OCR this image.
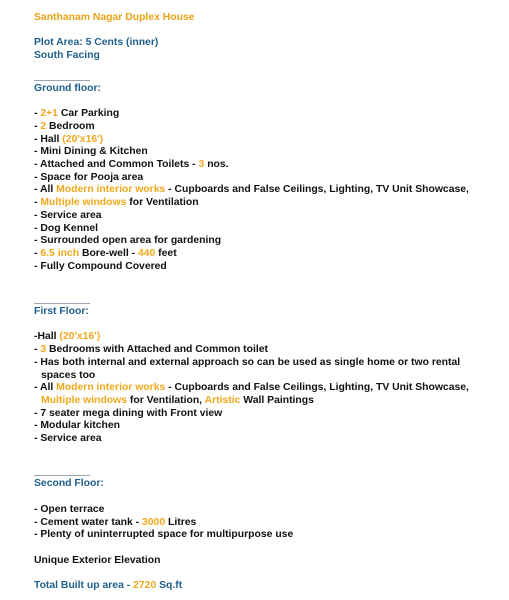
Santhanam Nagar Duplex House
Plot Area: 5 Cents (inner)
South Facing
Ground floor:
- 2+1 Car Parking
- 2 Bedroom
- Hall (20'x16')
- Mini Dining & Kitchen
- Attached and Common Toilets - 3 nos.
- Space for Pooja area
- All Modern interior works - Cupboards and False Ceilings, Lighting, TV Unit Showcase,
- Multiple windows for Ventilation
- Service area
- Dog Kennel
- Surrounded open area for gardening
- 6.5 inch Bore-well - 440 feet
- Fully Compound Covered
First Floor:
-Hall (20'x16')
- 3 Bedrooms with Attached and Common toilet
- Has both internal and external approach so can be used as single home or two rental
spaces too
- All Modern interior works - Cupboards and False Ceilings, Lighting, TV Unit Showcase,
Multiple windows for Ventilation, Artistic Wall Paintings
- 7 seater mega dining with Front view
- Modular kitchen
- Service area
Second Floor:
- Open terrace
- Cement water tank - 3000 Litres
- Plenty of uninterrupted space for multipurpose use
Unique Exterior Elevation
Total Built up area - 2720 Sq.ft
